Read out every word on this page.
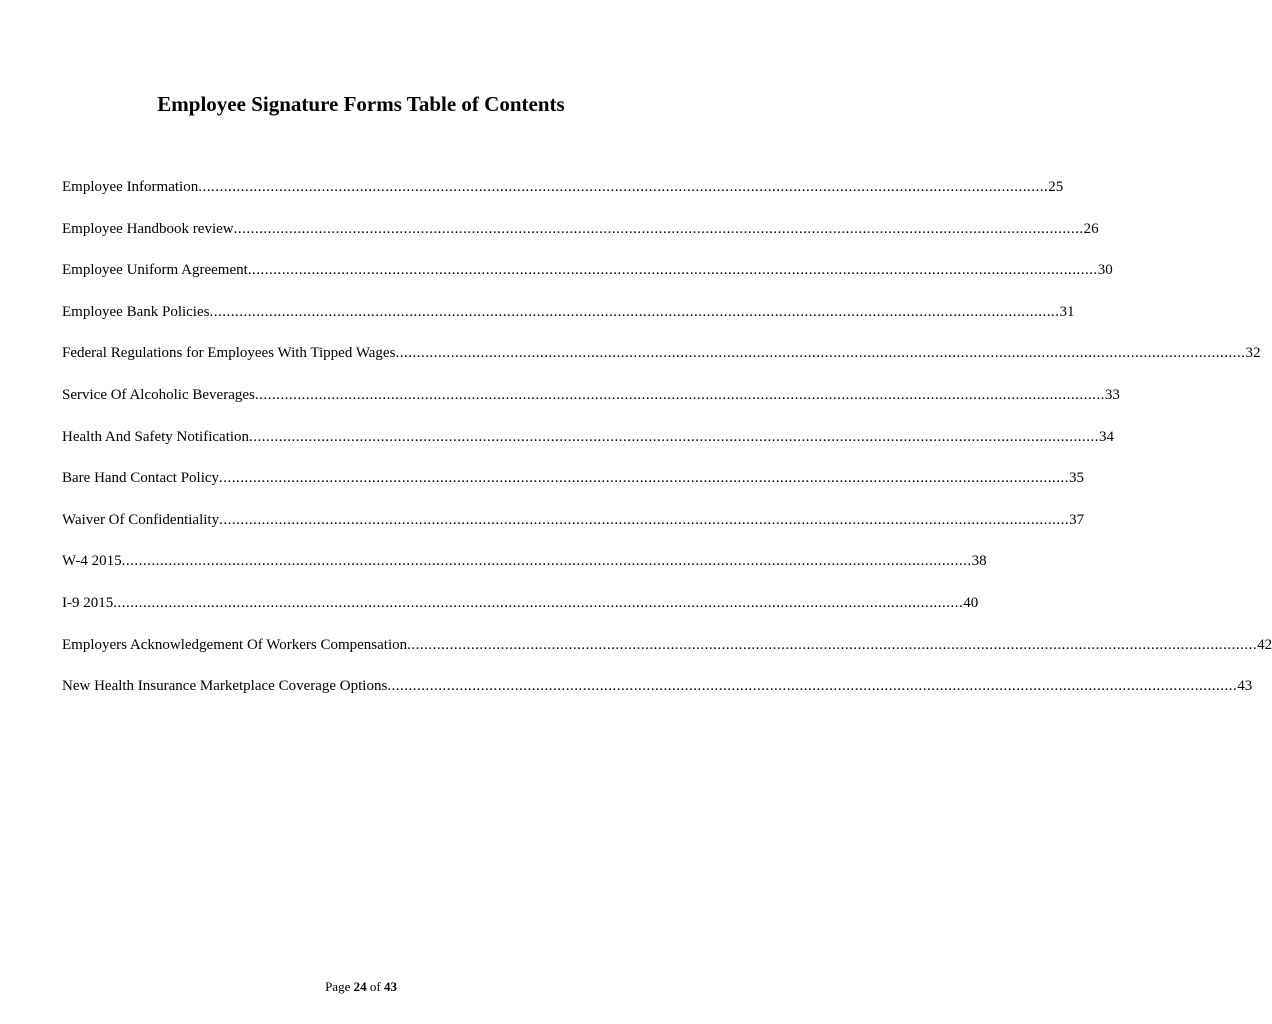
Employee Signature Forms Table of Contents
Employee Information ........................................................................................................................................................................................................ 25
Employee Handbook review ........................................................................................................................................................................................................ 26
Employee Uniform Agreement ........................................................................................................................................................................................................ 30
Employee Bank Policies ........................................................................................................................................................................................................ 31
Federal Regulations for Employees With Tipped Wages ........................................................................................................................................................................................................ 32
Service Of Alcoholic Beverages ........................................................................................................................................................................................................ 33
Health And Safety Notification ........................................................................................................................................................................................................ 34
Bare Hand Contact Policy ........................................................................................................................................................................................................ 35
Waiver Of Confidentiality ........................................................................................................................................................................................................ 37
W-4 2015 ........................................................................................................................................................................................................ 38
I-9 2015 ........................................................................................................................................................................................................ 40
Employers Acknowledgement Of Workers Compensation ........................................................................................................................................................................................................ 42
New Health Insurance Marketplace Coverage Options ........................................................................................................................................................................................................ 43
Page 24 of 43
